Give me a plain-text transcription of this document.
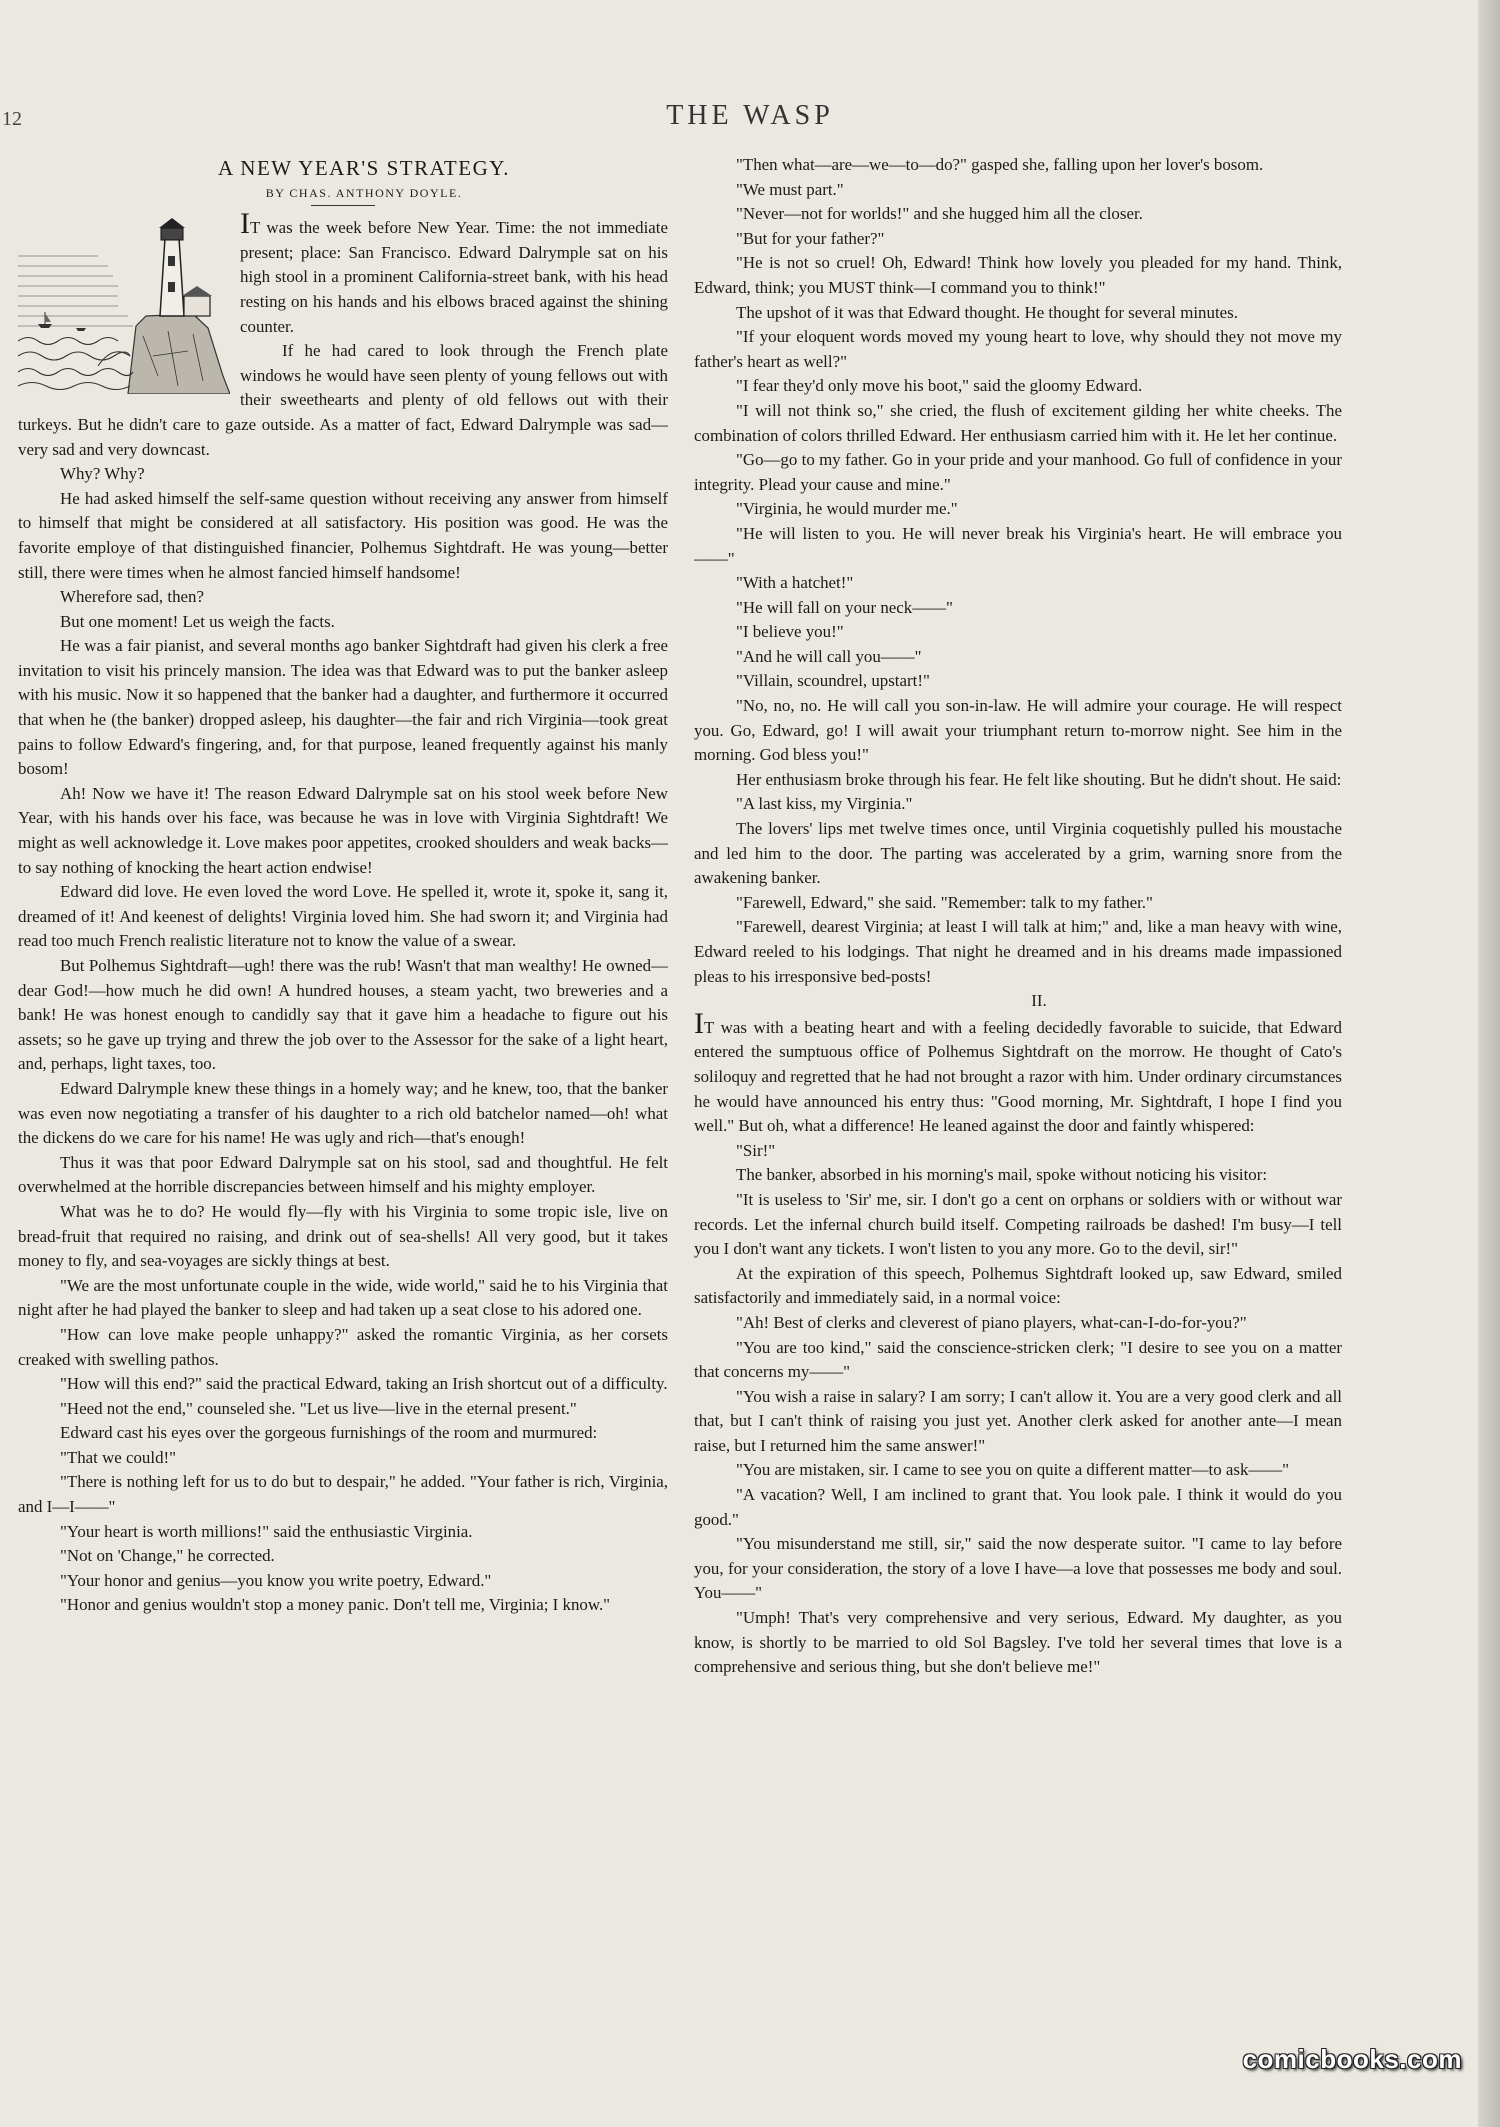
12	THE WASP

A NEW YEAR'S STRATEGY.

BY CHAS. ANTHONY DOYLE.

IT was the week before New Year. Time: the not immediate present; place: San Francisco. Edward Dalrymple sat on his high stool in a prominent California-street bank, with his head resting on his hands and his elbows braced against the shining counter.

If he had cared to look through the French plate windows he would have seen plenty of young fellows out with their sweethearts and plenty of old fellows out with their turkeys. But he didn't care to gaze outside. As a matter of fact, Edward Dalrymple was sad—very sad and very downcast.

Why? Why?

He had asked himself the self-same question without receiving any answer from himself to himself that might be considered at all satisfactory. His position was good. He was the favorite employe of that distinguished financier, Polhemus Sightdraft. He was young—better still, there were times when he almost fancied himself handsome!

Wherefore sad, then?

But one moment! Let us weigh the facts.

He was a fair pianist, and several months ago banker Sightdraft had given his clerk a free invitation to visit his princely mansion. The idea was that Edward was to put the banker asleep with his music. Now it so happened that the banker had a daughter, and furthermore it occurred that when he (the banker) dropped asleep, his daughter—the fair and rich Virginia—took great pains to follow Edward's fingering, and, for that purpose, leaned frequently against his manly bosom!

Ah! Now we have it! The reason Edward Dalrymple sat on his stool week before New Year, with his hands over his face, was because he was in love with Virginia Sightdraft! We might as well acknowledge it. Love makes poor appetites, crooked shoulders and weak backs—to say nothing of knocking the heart action endwise!

Edward did love. He even loved the word Love. He spelled it, wrote it, spoke it, sang it, dreamed of it! And keenest of delights! Virginia loved him. She had sworn it; and Virginia had read too much French realistic literature not to know the value of a swear.

But Polhemus Sightdraft—ugh! there was the rub! Wasn't that man wealthy! He owned—dear God!—how much he did own! A hundred houses, a steam yacht, two breweries and a bank! He was honest enough to candidly say that it gave him a headache to figure out his assets; so he gave up trying and threw the job over to the Assessor for the sake of a light heart, and, perhaps, light taxes, too.

Edward Dalrymple knew these things in a homely way; and he knew, too, that the banker was even now negotiating a transfer of his daughter to a rich old batchelor named—oh! what the dickens do we care for his name! He was ugly and rich—that's enough!

Thus it was that poor Edward Dalrymple sat on his stool, sad and thoughtful. He felt overwhelmed at the horrible discrepancies between himself and his mighty employer.

What was he to do? He would fly—fly with his Virginia to some tropic isle, live on bread-fruit that required no raising, and drink out of sea-shells! All very good, but it takes money to fly, and sea-voyages are sickly things at best.

"We are the most unfortunate couple in the wide, wide world," said he to his Virginia that night after he had played the banker to sleep and had taken up a seat close to his adored one.

"How can love make people unhappy?" asked the romantic Virginia, as her corsets creaked with swelling pathos.

"How will this end?" said the practical Edward, taking an Irish shortcut out of a difficulty.

"Heed not the end," counseled she. "Let us live—live in the eternal present."

Edward cast his eyes over the gorgeous furnishings of the room and murmured:

"That we could!"

"There is nothing left for us to do but to despair," he added. "Your father is rich, Virginia, and I—I——"

"Your heart is worth millions!" said the enthusiastic Virginia.

"Not on 'Change," he corrected.

"Your honor and genius—you know you write poetry, Edward."

"Honor and genius wouldn't stop a money panic. Don't tell me, Virginia; I know."

"Then what—are—we—to—do?" gasped she, falling upon her lover's bosom.

"We must part."

"Never—not for worlds!" and she hugged him all the closer.

"But for your father?"

"He is not so cruel! Oh, Edward! Think how lovely you pleaded for my hand. Think, Edward, think; you MUST think—I command you to think!"

The upshot of it was that Edward thought. He thought for several minutes.

"If your eloquent words moved my young heart to love, why should they not move my father's heart as well?"

"I fear they'd only move his boot," said the gloomy Edward.

"I will not think so," she cried, the flush of excitement gilding her white cheeks. The combination of colors thrilled Edward. Her enthusiasm carried him with it. He let her continue.

"Go—go to my father. Go in your pride and your manhood. Go full of confidence in your integrity. Plead your cause and mine."

"Virginia, he would murder me."

"He will listen to you. He will never break his Virginia's heart. He will embrace you——"

"With a hatchet!"

"He will fall on your neck——"

"I believe you!"

"And he will call you——"

"Villain, scoundrel, upstart!"

"No, no, no. He will call you son-in-law. He will admire your courage. He will respect you. Go, Edward, go! I will await your triumphant return to-morrow night. See him in the morning. God bless you!"

Her enthusiasm broke through his fear. He felt like shouting. But he didn't shout. He said:

"A last kiss, my Virginia."

The lovers' lips met twelve times once, until Virginia coquetishly pulled his moustache and led him to the door. The parting was accelerated by a grim, warning snore from the awakening banker.

"Farewell, Edward," she said. "Remember: talk to my father."

"Farewell, dearest Virginia; at least I will talk at him;" and, like a man heavy with wine, Edward reeled to his lodgings. That night he dreamed and in his dreams made impassioned pleas to his irresponsive bed-posts!

II.

IT was with a beating heart and with a feeling decidedly favorable to suicide, that Edward entered the sumptuous office of Polhemus Sightdraft on the morrow. He thought of Cato's soliloquy and regretted that he had not brought a razor with him. Under ordinary circumstances he would have announced his entry thus: "Good morning, Mr. Sightdraft, I hope I find you well." But oh, what a difference! He leaned against the door and faintly whispered:

"Sir!"

The banker, absorbed in his morning's mail, spoke without noticing his visitor:

"It is useless to 'Sir' me, sir. I don't go a cent on orphans or soldiers with or without war records. Let the infernal church build itself. Competing railroads be dashed! I'm busy—I tell you I don't want any tickets. I won't listen to you any more. Go to the devil, sir!"

At the expiration of this speech, Polhemus Sightdraft looked up, saw Edward, smiled satisfactorily and immediately said, in a normal voice:

"Ah! Best of clerks and cleverest of piano players, what-can-I-do-for-you?"

"You are too kind," said the conscience-stricken clerk; "I desire to see you on a matter that concerns my——"

"You wish a raise in salary? I am sorry; I can't allow it. You are a very good clerk and all that, but I can't think of raising you just yet. Another clerk asked for another ante—I mean raise, but I returned him the same answer!"

"You are mistaken, sir. I came to see you on quite a different matter—to ask——"

"A vacation? Well, I am inclined to grant that. You look pale. I think it would do you good."

"You misunderstand me still, sir," said the now desperate suitor. "I came to lay before you, for your consideration, the story of a love I have—a love that possesses me body and soul. You——"

"Umph! That's very comprehensive and very serious, Edward. My daughter, as you know, is shortly to be married to old Sol Bagsley. I've told her several times that love is a comprehensive and serious thing, but she don't believe me!"

comicbooks.com
